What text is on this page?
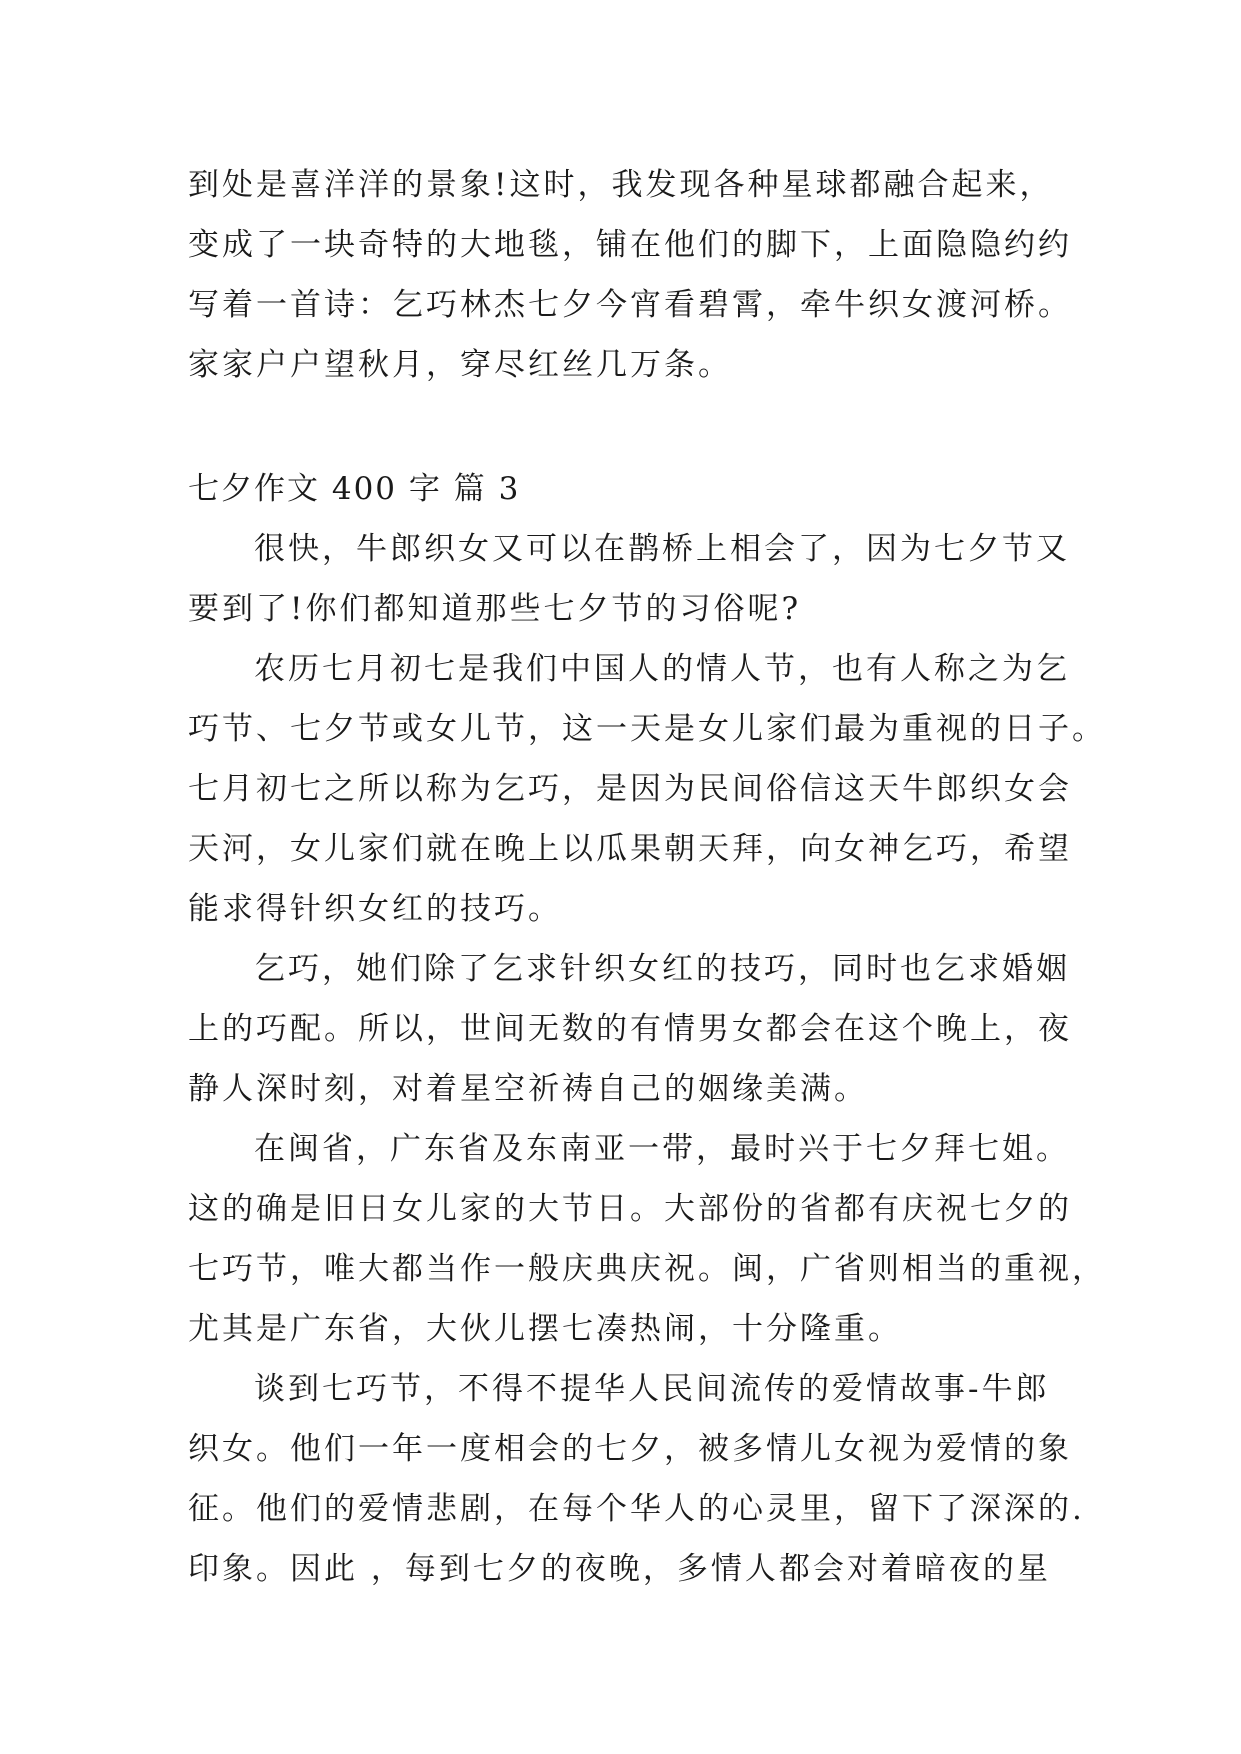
到处是喜洋洋的景象!这时，我发现各种星球都融合起来，
变成了一块奇特的大地毯，铺在他们的脚下，上面隐隐约约
写着一首诗：乞巧林杰七夕今宵看碧霄，牵牛织女渡河桥。
家家户户望秋月，穿尽红丝几万条。
七夕作文 400 字 篇 3
很快，牛郎织女又可以在鹊桥上相会了，因为七夕节又
要到了!你们都知道那些七夕节的习俗呢?
农历七月初七是我们中国人的情人节，也有人称之为乞
巧节、七夕节或女儿节，这一天是女儿家们最为重视的日子。
七月初七之所以称为乞巧，是因为民间俗信这天牛郎织女会
天河，女儿家们就在晚上以瓜果朝天拜，向女神乞巧，希望
能求得针织女红的技巧。
乞巧，她们除了乞求针织女红的技巧，同时也乞求婚姻
上的巧配。所以，世间无数的有情男女都会在这个晚上，夜
静人深时刻，对着星空祈祷自己的姻缘美满。
在闽省，广东省及东南亚一带，最时兴于七夕拜七姐。
这的确是旧日女儿家的大节日。大部份的省都有庆祝七夕的
七巧节，唯大都当作一般庆典庆祝。闽，广省则相当的重视，
尤其是广东省，大伙儿摆七凑热闹，十分隆重。
谈到七巧节，不得不提华人民间流传的爱情故事-牛郎
织女。他们一年一度相会的七夕，被多情儿女视为爱情的象
征。他们的爱情悲剧，在每个华人的心灵里，留下了深深的.
印象。因此 ，每到七夕的夜晚，多情人都会对着暗夜的星
